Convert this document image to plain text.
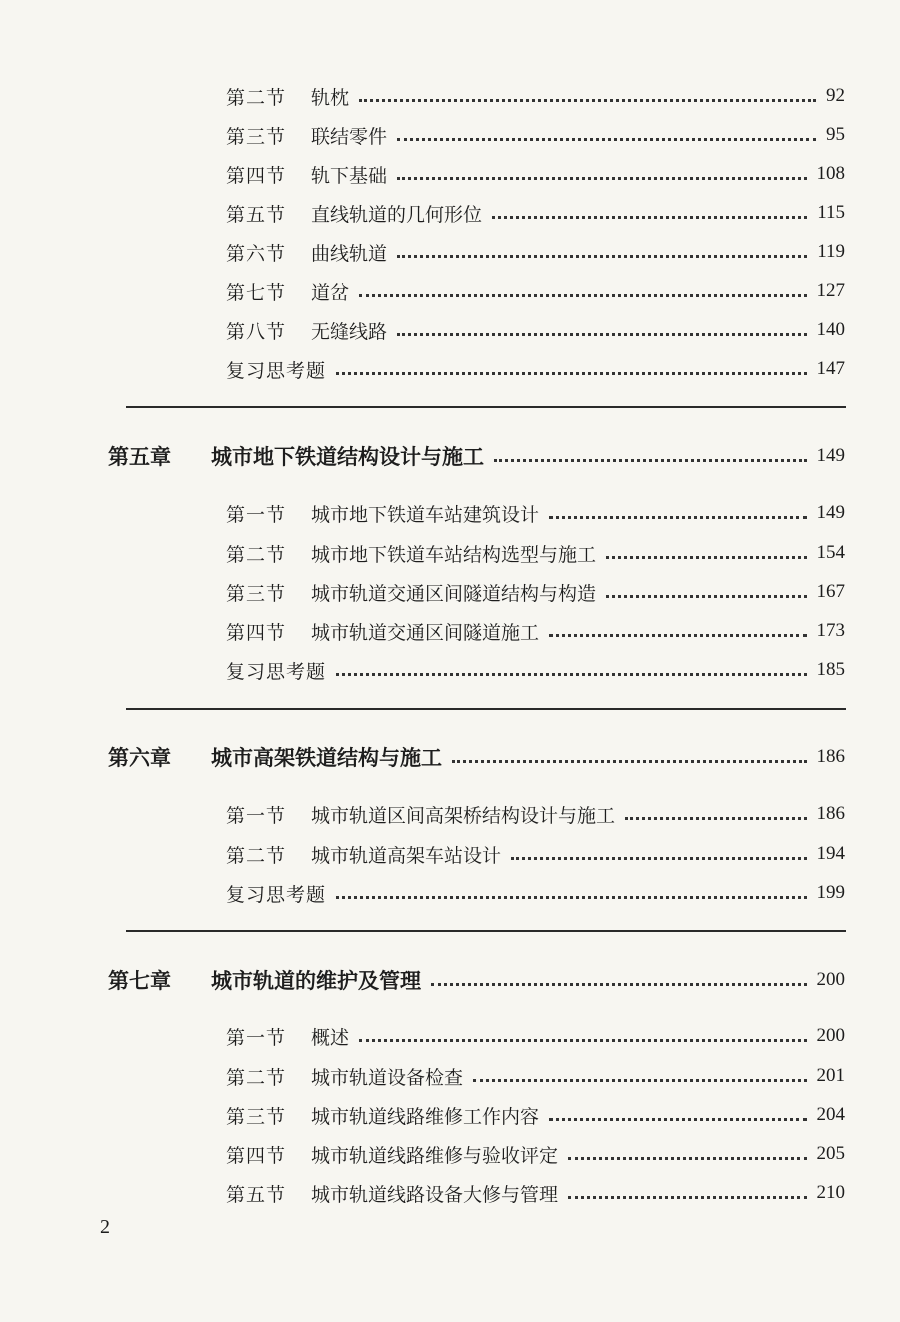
第二节	轨枕	92
第三节	联结零件	95
第四节	轨下基础	108
第五节	直线轨道的几何形位	115
第六节	曲线轨道	119
第七节	道岔	127
第八节	无缝线路	140
复习思考题	147
第五章	城市地下铁道结构设计与施工	149
第一节	城市地下铁道车站建筑设计	149
第二节	城市地下铁道车站结构选型与施工	154
第三节	城市轨道交通区间隧道结构与构造	167
第四节	城市轨道交通区间隧道施工	173
复习思考题	185
第六章	城市高架铁道结构与施工	186
第一节	城市轨道区间高架桥结构设计与施工	186
第二节	城市轨道高架车站设计	194
复习思考题	199
第七章	城市轨道的维护及管理	200
第一节	概述	200
第二节	城市轨道设备检查	201
第三节	城市轨道线路维修工作内容	204
第四节	城市轨道线路维修与验收评定	205
第五节	城市轨道线路设备大修与管理	210
2
